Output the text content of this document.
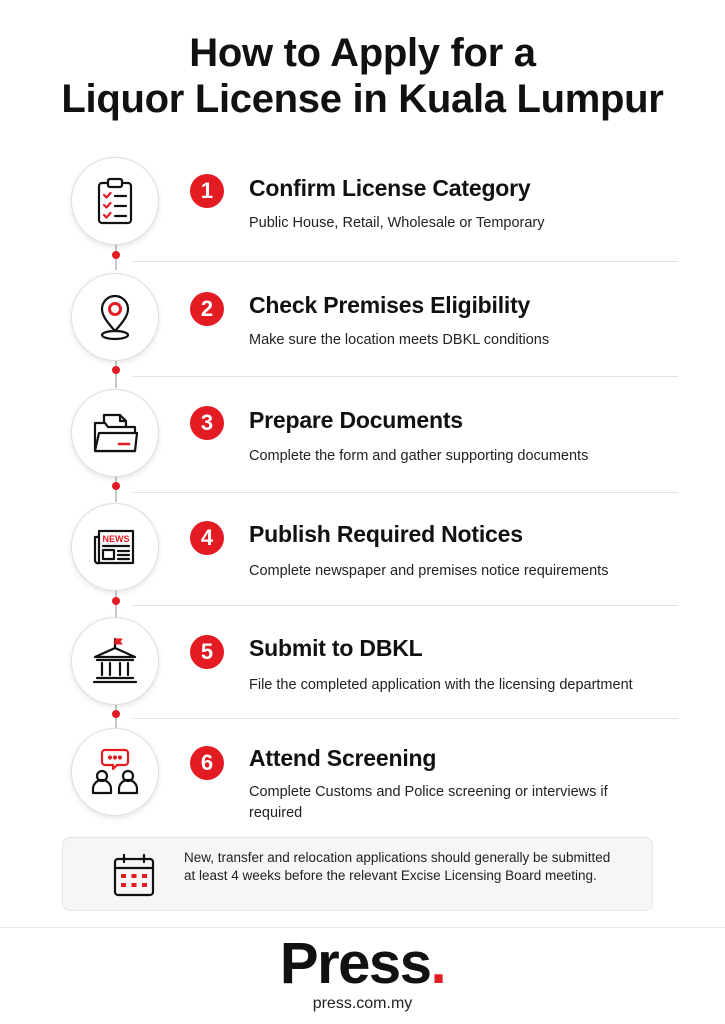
How to Apply for a
Liquor License in Kuala Lumpur
1	Confirm License Category
Public House, Retail, Wholesale or Temporary
2	Check Premises Eligibility
Make sure the location meets DBKL conditions
3	Prepare Documents
Complete the form and gather supporting documents
NEWS	4	Publish Required Notices
Complete newspaper and premises notice requirements
5	Submit to DBKL
File the completed application with the licensing department
6	Attend Screening
Complete Customs and Police screening or interviews if required

New, transfer and relocation applications should generally be submitted at least 4 weeks before the relevant Excise Licensing Board meeting.

Press.
press.com.my
